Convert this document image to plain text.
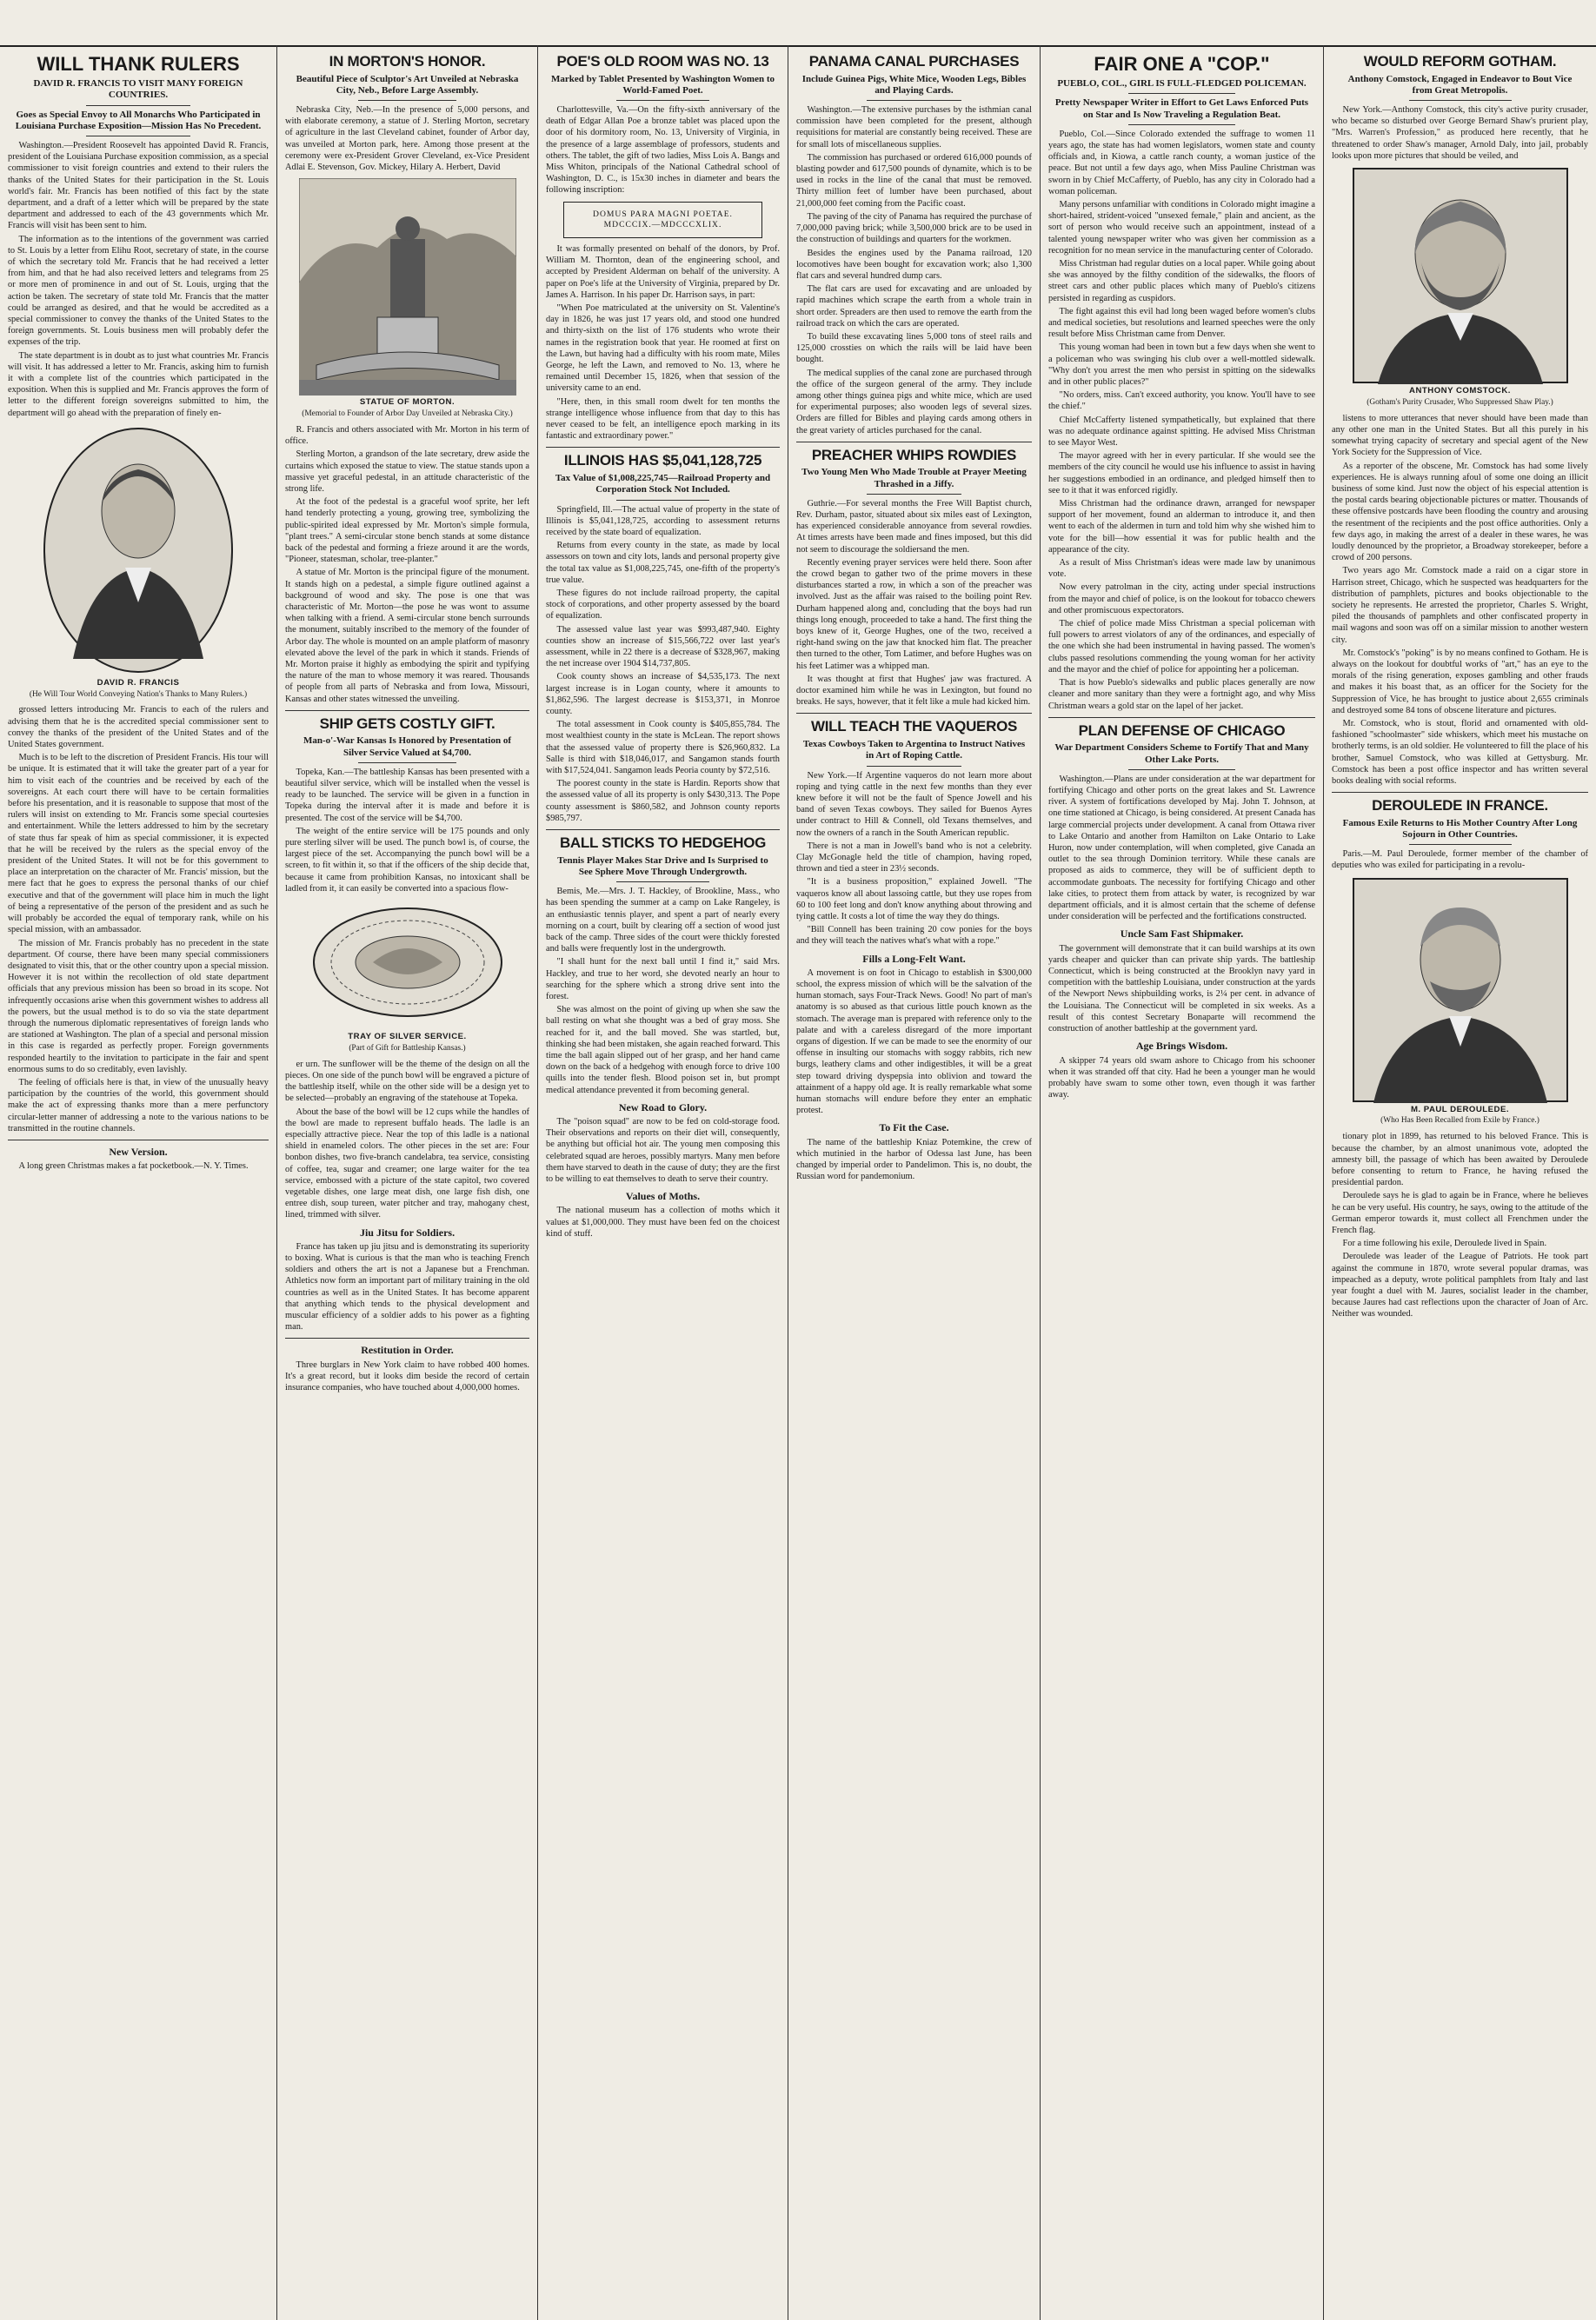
WILL THANK RULERS
DAVID R. FRANCIS TO VISIT MANY FOREIGN COUNTRIES.
Goes as Special Envoy to All Monarchs Who Participated in Louisiana Purchase Exposition—Mission Has No Precedent.

Washington.—President Roosevelt has appointed David R. Francis, president of the Louisiana Purchase exposition commission, as a special commissioner to visit foreign countries and extend to their rulers the thanks of the United States for their participation in the St. Louis world's fair. Mr. Francis has been notified of this fact by the state department, and a draft of a letter which will be prepared by the state department and addressed to each of the 43 governments which Mr. Francis will visit has been sent to him.

The information as to the intentions of the government was carried to St. Louis by a letter from Elihu Root, secretary of state, in the course of which the secretary told Mr. Francis that he had received a letter from him, and that he had also received letters and telegrams from 25 or more men of prominence in and out of St. Louis, urging that the action be taken. The secretary of state told Mr. Francis that the matter could be arranged as desired, and that he would be accredited as a special commissioner to convey the thanks of the United States to the foreign governments. St. Louis business men will probably defer the expenses of the trip.

The state department is in doubt as to just what countries Mr. Francis will visit. It has addressed a letter to Mr. Francis, asking him to furnish it with a complete list of the countries which participated in the exposition. When this is supplied and Mr. Francis approves the form of letter to the different foreign sovereigns submitted to him, the department will go ahead with the preparation of finely en-

DAVID R. FRANCIS
(He Will Tour World Conveying Nation's Thanks to Many Rulers.)

grossed letters introducing Mr. Francis to each of the rulers and advising them that he is the accredited special commissioner sent to convey the thanks of the president of the United States and of the United States government.

Much is to be left to the discretion of President Francis. His tour will be unique. It is estimated that it will take the greater part of a year for him to visit each of the countries and be received by each of the sovereigns. At each court there will have to be certain formalities before his presentation, and it is reasonable to suppose that most of the rulers will insist on extending to Mr. Francis some special courtesies and entertainment. While the letters addressed to him by the secretary of state thus far speak of him as special commissioner, it is expected that he will be received by the rulers as the special envoy of the president of the United States. It will not be for this government to place an interpretation on the character of Mr. Francis' mission, but the mere fact that he goes to express the personal thanks of our chief executive and that of the government will place him in much the light of being a representative of the person of the president and as such he will probably be accorded the equal of temporary rank, while on his special mission, with an ambassador.

The mission of Mr. Francis probably has no precedent in the state department. Of course, there have been many special commissioners designated to visit this, that or the other country upon a special mission. However it is not within the recollection of old state department officials that any previous mission has been so broad in its scope. Not infrequently occasions arise when this government wishes to address all the powers, but the usual method is to do so via the state department through the numerous diplomatic representatives of foreign lands who are stationed at Washington. The plan of a special and personal mission in this case is regarded as perfectly proper. Foreign governments responded heartily to the invitation to participate in the fair and spent enormous sums to do so creditably, even lavishly.

The feeling of officials here is that, in view of the unusually heavy participation by the countries of the world, this government should make the act of expressing thanks more than a mere perfunctory circular-letter manner of addressing a note to the various nations to be transmitted in the routine channels.

New Version.

A long green Christmas makes a fat pocketbook.—N. Y. Times.

IN MORTON'S HONOR.
Beautiful Piece of Sculptor's Art Unveiled at Nebraska City, Neb., Before Large Assembly.

Nebraska City, Neb.—In the presence of 5,000 persons, and with elaborate ceremony, a statue of J. Sterling Morton, secretary of agriculture in the last Cleveland cabinet, founder of Arbor day, was unveiled at Morton park, here. Among those present at the ceremony were ex-President Grover Cleveland, ex-Vice President Adlai E. Stevenson, Gov. Mickey, Hilary A. Herbert, David

STATUE OF MORTON.
(Memorial to Founder of Arbor Day Unveiled at Nebraska City.)

R. Francis and others associated with Mr. Morton in his term of office.

Sterling Morton, a grandson of the late secretary, drew aside the curtains which exposed the statue to view. The statue stands upon a massive yet graceful pedestal, in an attitude characteristic of the strong life.

At the foot of the pedestal is a graceful woof sprite, her left hand tenderly protecting a young, growing tree, symbolizing the public-spirited ideal expressed by Mr. Morton's simple formula, "plant trees." A semi-circular stone bench stands at some distance back of the pedestal and forming a frieze around it are the words, "Pioneer, statesman, scholar, tree-planter."

A statue of Mr. Morton is the principal figure of the monument. It stands high on a pedestal, a simple figure outlined against a background of wood and sky. The pose is one that was characteristic of Mr. Morton—the pose he was wont to assume when talking with a friend. A semi-circular stone bench surrounds the monument, suitably inscribed to the memory of the founder of Arbor day. The whole is mounted on an ample platform of masonry elevated above the level of the park in which it stands. Friends of Mr. Morton praise it highly as embodying the spirit and typifying the nature of the man to whose memory it was reared. Thousands of people from all parts of Nebraska and from Iowa, Missouri, Kansas and other states witnessed the unveiling.

SHIP GETS COSTLY GIFT.
Man-o'-War Kansas Is Honored by Presentation of Silver Service Valued at $4,700.

Topeka, Kan.—The battleship Kansas has been presented with a beautiful silver service, which will be installed when the vessel is ready to be launched. The service will be given in a function in Topeka during the interval after it is made and before it is presented. The cost of the service will be $4,700.

The weight of the entire service will be 175 pounds and only pure sterling silver will be used. The punch bowl is, of course, the largest piece of the set. Accompanying the punch bowl will be a screen, to fit within it, so that if the officers of the ship decide that, because it came from prohibition Kansas, no intoxicant shall be ladled from it, it can easily be converted into a spacious flow-

TRAY OF SILVER SERVICE.
(Part of Gift for Battleship Kansas.)

er urn. The sunflower will be the theme of the design on all the pieces. On one side of the punch bowl will be engraved a picture of the battleship itself, while on the other side will be a design yet to be selected—probably an engraving of the statehouse at Topeka.

About the base of the bowl will be 12 cups while the handles of the bowl are made to represent buffalo heads. The ladle is an especially attractive piece. Near the top of this ladle is a national shield in enameled colors. The other pieces in the set are: Four bonbon dishes, two five-branch candelabra, tea service, consisting of coffee, tea, sugar and creamer; one large waiter for the tea service, embossed with a picture of the state capitol, two covered vegetable dishes, one large meat dish, one large fish dish, one entree dish, soup tureen, water pitcher and tray, mahogany chest, lined, trimmed with silver.

Jiu Jitsu for Soldiers.

France has taken up jiu jitsu and is demonstrating its superiority to boxing. What is curious is that the man who is teaching French soldiers and others the art is not a Japanese but a Frenchman. Athletics now form an important part of military training in the old countries as well as in the United States. It has become apparent that anything which tends to the physical development and muscular efficiency of a soldier adds to his power as a fighting man.

Restitution in Order.

Three burglars in New York claim to have robbed 400 homes. It's a great record, but it looks dim beside the record of certain insurance companies, who have touched about 4,000,000 homes.

POE'S OLD ROOM WAS NO. 13
Marked by Tablet Presented by Washington Women to World-Famed Poet.

Charlottesville, Va.—On the fifty-sixth anniversary of the death of Edgar Allan Poe a bronze tablet was placed upon the door of his dormitory room, No. 13, University of Virginia, in the presence of a large assemblage of professors, students and others. The tablet, the gift of two ladies, Miss Lois A. Bangs and Miss Whiton, principals of the National Cathedral school of Washington, D. C., is 15x30 inches in diameter and bears the following inscription:

DOMUS PARA MAGNI POETAE.
MDCCCIX.—MDCCCXLIX.

It was formally presented on behalf of the donors, by Prof. William M. Thornton, dean of the engineering school, and accepted by President Alderman on behalf of the university. A paper on Poe's life at the University of Virginia, prepared by Dr. James A. Harrison. In his paper Dr. Harrison says, in part:

"When Poe matriculated at the university on St. Valentine's day in 1826, he was just 17 years old, and stood one hundred and thirty-sixth on the list of 176 students who wrote their names in the registration book that year. He roomed at first on the Lawn, but having had a difficulty with his room mate, Miles George, he left the Lawn, and removed to No. 13, where he remained until December 15, 1826, when that session of the university came to an end.

"Here, then, in this small room dwelt for ten months the strange intelligence whose influence from that day to this has never ceased to be felt, an intelligence epoch marking in its fantastic and extraordinary power."

ILLINOIS HAS $5,041,128,725
Tax Value of $1,008,225,745—Railroad Property and Corporation Stock Not Included.

Springfield, Ill.—The actual value of property in the state of Illinois is $5,041,128,725, according to assessment returns received by the state board of equalization.

Returns from every county in the state, as made by local assessors on town and city lots, lands and personal property give the total tax value as $1,008,225,745, one-fifth of the property's true value.

These figures do not include railroad property, the capital stock of corporations, and other property assessed by the board of equalization.

The assessed value last year was $993,487,940. Eighty counties show an increase of $15,566,722 over last year's assessment, while in 22 there is a decrease of $328,967, making the net increase over 1904 $14,737,805.

Cook county shows an increase of $4,535,173. The next largest increase is in Logan county, where it amounts to $1,862,596. The largest decrease is $153,371, in Monroe county.

The total assessment in Cook county is $405,855,784. The most wealthiest county in the state is McLean. The report shows that the assessed value of property there is $26,960,832. La Salle is third with $18,046,017, and Sangamon stands fourth with $17,524,041. Sangamon leads Peoria county by $72,516.

The poorest county in the state is Hardin. Reports show that the assessed value of all its property is only $430,313. The Pope county assessment is $860,582, and Johnson county reports $985,797.

BALL STICKS TO HEDGEHOG
Tennis Player Makes Star Drive and Is Surprised to See Sphere Move Through Undergrowth.

Bemis, Me.—Mrs. J. T. Hackley, of Brookline, Mass., who has been spending the summer at a camp on Lake Rangeley, is an enthusiastic tennis player, and spent a part of nearly every morning on a court, built by clearing off a section of wood just back of the camp. Three sides of the court were thickly forested and balls were frequently lost in the undergrowth.

"I shall hunt for the next ball until I find it," said Mrs. Hackley, and true to her word, she devoted nearly an hour to searching for the sphere which a strong drive sent into the forest.

She was almost on the point of giving up when she saw the ball resting on what she thought was a bed of gray moss. She reached for it, and the ball moved. She was startled, but, thinking she had been mistaken, she again reached forward. This time the ball again slipped out of her grasp, and her hand came down on the back of a hedgehog with enough force to drive 100 quills into the tender flesh. Blood poison set in, but prompt medical attendance prevented it from becoming general.

New Road to Glory.

The "poison squad" are now to be fed on cold-storage food. Their observations and reports on their diet will, consequently, be anything but official hot air. The young men composing this celebrated squad are heroes, possibly martyrs. Many men before them have starved to death in the cause of duty; they are the first to be willing to eat themselves to death to serve their country.

Values of Moths.

The national museum has a collection of moths which it values at $1,000,000. They must have been fed on the choicest kind of stuff.

PANAMA CANAL PURCHASES
Include Guinea Pigs, White Mice, Wooden Legs, Bibles and Playing Cards.

Washington.—The extensive purchases by the isthmian canal commission have been completed for the present, although requisitions for material are constantly being received. These are for small lots of miscellaneous supplies.

The commission has purchased or ordered 616,000 pounds of blasting powder and 617,500 pounds of dynamite, which is to be used in rocks in the line of the canal that must be removed. Thirty million feet of lumber have been purchased, about 21,000,000 feet coming from the Pacific coast.

The paving of the city of Panama has required the purchase of 7,000,000 paving brick; while 3,500,000 brick are to be used in the construction of buildings and quarters for the workmen.

Besides the engines used by the Panama railroad, 120 locomotives have been bought for excavation work; also 1,300 flat cars and several hundred dump cars.

The flat cars are used for excavating and are unloaded by rapid machines which scrape the earth from a whole train in short order. Spreaders are then used to remove the earth from the railroad track on which the cars are operated.

To build these excavating lines 5,000 tons of steel rails and 125,000 crossties on which the rails will be laid have been bought.

The medical supplies of the canal zone are purchased through the office of the surgeon general of the army. They include among other things guinea pigs and white mice, which are used for experimental purposes; also wooden legs of several sizes. Orders are filled for Bibles and playing cards among others in the great variety of articles purchased for the canal.

PREACHER WHIPS ROWDIES
Two Young Men Who Made Trouble at Prayer Meeting Thrashed in a Jiffy.

Guthrie.—For several months the Free Will Baptist church, Rev. Durham, pastor, situated about six miles east of Lexington, has experienced considerable annoyance from several rowdies. At times arrests have been made and fines imposed, but this did not seem to discourage the soldiersand the men.

Recently evening prayer services were held there. Soon after the crowd began to gather two of the prime movers in these disturbances started a row, in which a son of the preacher was involved. Just as the affair was raised to the boiling point Rev. Durham happened along and, concluding that the boys had run things long enough, proceeded to take a hand. The first thing the boys knew of it, George Hughes, one of the two, received a right-hand swing on the jaw that knocked him flat. The preacher then turned to the other, Tom Latimer, and before Hughes was on his feet Latimer was a whipped man.

It was thought at first that Hughes' jaw was fractured. A doctor examined him while he was in Lexington, but found no breaks. He says, however, that it felt like a mule had kicked him.

WILL TEACH THE VAQUEROS
Texas Cowboys Taken to Argentina to Instruct Natives in Art of Roping Cattle.

New York.—If Argentine vaqueros do not learn more about roping and tying cattle in the next few months than they ever knew before it will not be the fault of Spence Jowell and his band of seven Texas cowboys. They sailed for Buenos Ayres under contract to Hill & Connell, old Texans themselves, and now the owners of a ranch in the South American republic.

There is not a man in Jowell's band who is not a celebrity. Clay McGonagle held the title of champion, having roped, thrown and tied a steer in 23½ seconds.

"It is a business proposition," explained Jowell. "The vaqueros know all about lassoing cattle, but they use ropes from 60 to 100 feet long and don't know anything about throwing and tying cattle. It costs a lot of time the way they do things.

"Bill Connell has been training 20 cow ponies for the boys and they will teach the natives what's what with a rope."

Fills a Long-Felt Want.

A movement is on foot in Chicago to establish in $300,000 school, the express mission of which will be the salvation of the human stomach, says Four-Track News. Good! No part of man's anatomy is so abused as that curious little pouch known as the stomach. The average man is prepared with reference only to the palate and with a careless disregard of the more important organs of digestion. If we can be made to see the enormity of our offense in insulting our stomachs with soggy rabbits, rich new burgs, leathery clams and other indigestibles, it will be a great step toward driving dyspepsia into oblivion and toward the attainment of a happy old age. It is really remarkable what some human stomachs will endure before they enter an emphatic protest.

To Fit the Case.

The name of the battleship Kniaz Potemkine, the crew of which mutinied in the harbor of Odessa last June, has been changed by imperial order to Pandelimon. This is, no doubt, the Russian word for pandemonium.

FAIR ONE A "COP."
PUEBLO, COL., GIRL IS FULL-FLEDGED POLICEMAN.
Pretty Newspaper Writer in Effort to Get Laws Enforced Puts on Star and Is Now Traveling a Regulation Beat.

Pueblo, Col.—Since Colorado extended the suffrage to women 11 years ago, the state has had women legislators, women state and county officials and, in Kiowa, a cattle ranch county, a woman justice of the peace. But not until a few days ago, when Miss Pauline Christman was sworn in by Chief McCafferty, of Pueblo, has any city in Colorado had a woman policeman.

Many persons unfamiliar with conditions in Colorado might imagine a short-haired, strident-voiced "unsexed female," plain and ancient, as the sort of person who would receive such an appointment, instead of a talented young newspaper writer who was given her commission as a recognition for no mean service in the manufacturing center of Colorado.

Miss Christman had regular duties on a local paper. While going about she was annoyed by the filthy condition of the sidewalks, the floors of street cars and other public places which many of Pueblo's citizens persisted in regarding as cuspidors.

The fight against this evil had long been waged before women's clubs and medical societies, but resolutions and learned speeches were the only result before Miss Christman came from Denver.

This young woman had been in town but a few days when she went to a policeman who was swinging his club over a well-mottled sidewalk. "Why don't you arrest the men who persist in spitting on the sidewalks and in other public places?"

"No orders, miss. Can't exceed authority, you know. You'll have to see the chief."

Chief McCafferty listened sympathetically, but explained that there was no adequate ordinance against spitting. He advised Miss Christman to see Mayor West.

The mayor agreed with her in every particular. If she would see the members of the city council he would use his influence to assist in having her suggestions embodied in an ordinance, and pledged himself then to see to it that it was enforced rigidly.

Miss Christman had the ordinance drawn, arranged for newspaper support of her movement, found an alderman to introduce it, and then went to each of the aldermen in turn and told him why she wished him to vote for the bill—how essential it was for public health and the appearance of the city.

As a result of Miss Christman's ideas were made law by unanimous vote.

Now every patrolman in the city, acting under special instructions from the mayor and chief of police, is on the lookout for tobacco chewers and other promiscuous expectorators.

The chief of police made Miss Christman a special policeman with full powers to arrest violators of any of the ordinances, and especially of the one which she had been instrumental in having passed. The women's clubs passed resolutions commending the young woman for her activity and the mayor and the chief of police for appointing her a policeman.

That is how Pueblo's sidewalks and public places generally are now cleaner and more sanitary than they were a fortnight ago, and why Miss Christman wears a gold star on the lapel of her jacket.

PLAN DEFENSE OF CHICAGO
War Department Considers Scheme to Fortify That and Many Other Lake Ports.

Washington.—Plans are under consideration at the war department for fortifying Chicago and other ports on the great lakes and St. Lawrence river. A system of fortifications developed by Maj. John T. Johnson, at one time stationed at Chicago, is being considered. At present Canada has large commercial projects under development. A canal from Ottawa river to Lake Ontario and another from Hamilton on Lake Ontario to Lake Huron, now under contemplation, will when completed, give Canada an outlet to the sea through Dominion territory. While these canals are proposed as aids to commerce, they will be of sufficient depth to accommodate gunboats. The necessity for fortifying Chicago and other lake cities, to protect them from attack by water, is recognized by war department officials, and it is almost certain that the scheme of defense under consideration will be perfected and the fortifications constructed.

Uncle Sam Fast Shipmaker.

The government will demonstrate that it can build warships at its own yards cheaper and quicker than can private ship yards. The battleship Connecticut, which is being constructed at the Brooklyn navy yard in competition with the battleship Louisiana, under construction at the yards of the Newport News shipbuilding works, is 2¼ per cent. in advance of the Louisiana. The Connecticut will be completed in six weeks. As a result of this contest Secretary Bonaparte will recommend the construction of another battleship at the government yard.

Age Brings Wisdom.

A skipper 74 years old swam ashore to Chicago from his schooner when it was stranded off that city. Had he been a younger man he would probably have swam to some other town, even though it was farther away.

WOULD REFORM GOTHAM.
Anthony Comstock, Engaged in Endeavor to Bout Vice from Great Metropolis.

New York.—Anthony Comstock, this city's active purity crusader, who became so disturbed over George Bernard Shaw's prurient play, "Mrs. Warren's Profession," as produced here recently, that he threatened to order Shaw's manager, Arnold Daly, into jail, probably looks upon more pictures that should be veiled, and

ANTHONY COMSTOCK.
(Gotham's Purity Crusader, Who Suppressed Shaw Play.)

listens to more utterances that never should have been made than any other one man in the United States. But all this purely in his somewhat trying capacity of secretary and special agent of the New York Society for the Suppression of Vice.

As a reporter of the obscene, Mr. Comstock has had some lively experiences. He is always running afoul of some one doing an illicit business of some kind. Just now the object of his especial attention is the postal cards bearing objectionable pictures or matter. Thousands of these offensive postcards have been flooding the country and arousing the resentment of the recipients and the post office authorities. Only a few days ago, in making the arrest of a dealer in these wares, he was loudly denounced by the proprietor, a Broadway storekeeper, before a crowd of 200 persons.

Two years ago Mr. Comstock made a raid on a cigar store in Harrison street, Chicago, which he suspected was headquarters for the distribution of pamphlets, pictures and books objectionable to the society he represents. He arrested the proprietor, Charles S. Wright, piled the thousands of pamphlets and other confiscated property in mail wagons and soon was off on a similar mission to another western city.

Mr. Comstock's "poking" is by no means confined to Gotham. He is always on the lookout for doubtful works of "art," has an eye to the morals of the rising generation, exposes gambling and other frauds and makes it his boast that, as an officer for the Society for the Suppression of Vice, he has brought to justice about 2,655 criminals and destroyed some 84 tons of obscene literature and pictures.

Mr. Comstock, who is stout, florid and ornamented with old-fashioned "schoolmaster" side whiskers, which meet his mustache on brotherly terms, is an old soldier. He volunteered to fill the place of his brother, Samuel Comstock, who was killed at Gettysburg. Mr. Comstock has been a post office inspector and has written several books dealing with social reforms.

DEROULEDE IN FRANCE.
Famous Exile Returns to His Mother Country After Long Sojourn in Other Countries.

Paris.—M. Paul Deroulede, former member of the chamber of deputies who was exiled for participating in a revolu-

M. PAUL DEROULEDE.
(Who Has Been Recalled from Exile by France.)

tionary plot in 1899, has returned to his beloved France. This is because the chamber, by an almost unanimous vote, adopted the amnesty bill, the passage of which has been awaited by Deroulede before consenting to return to France, he having refused the presidential pardon.

Deroulede says he is glad to again be in France, where he believes he can be very useful. His country, he says, owing to the attitude of the German emperor towards it, must collect all Frenchmen under the French flag.

For a time following his exile, Deroulede lived in Spain.

Deroulede was leader of the League of Patriots. He took part against the commune in 1870, wrote several popular dramas, was impeached as a deputy, wrote political pamphlets from Italy and last year fought a duel with M. Jaures, socialist leader in the chamber, because Jaures had cast reflections upon the character of Joan of Arc. Neither was wounded.
